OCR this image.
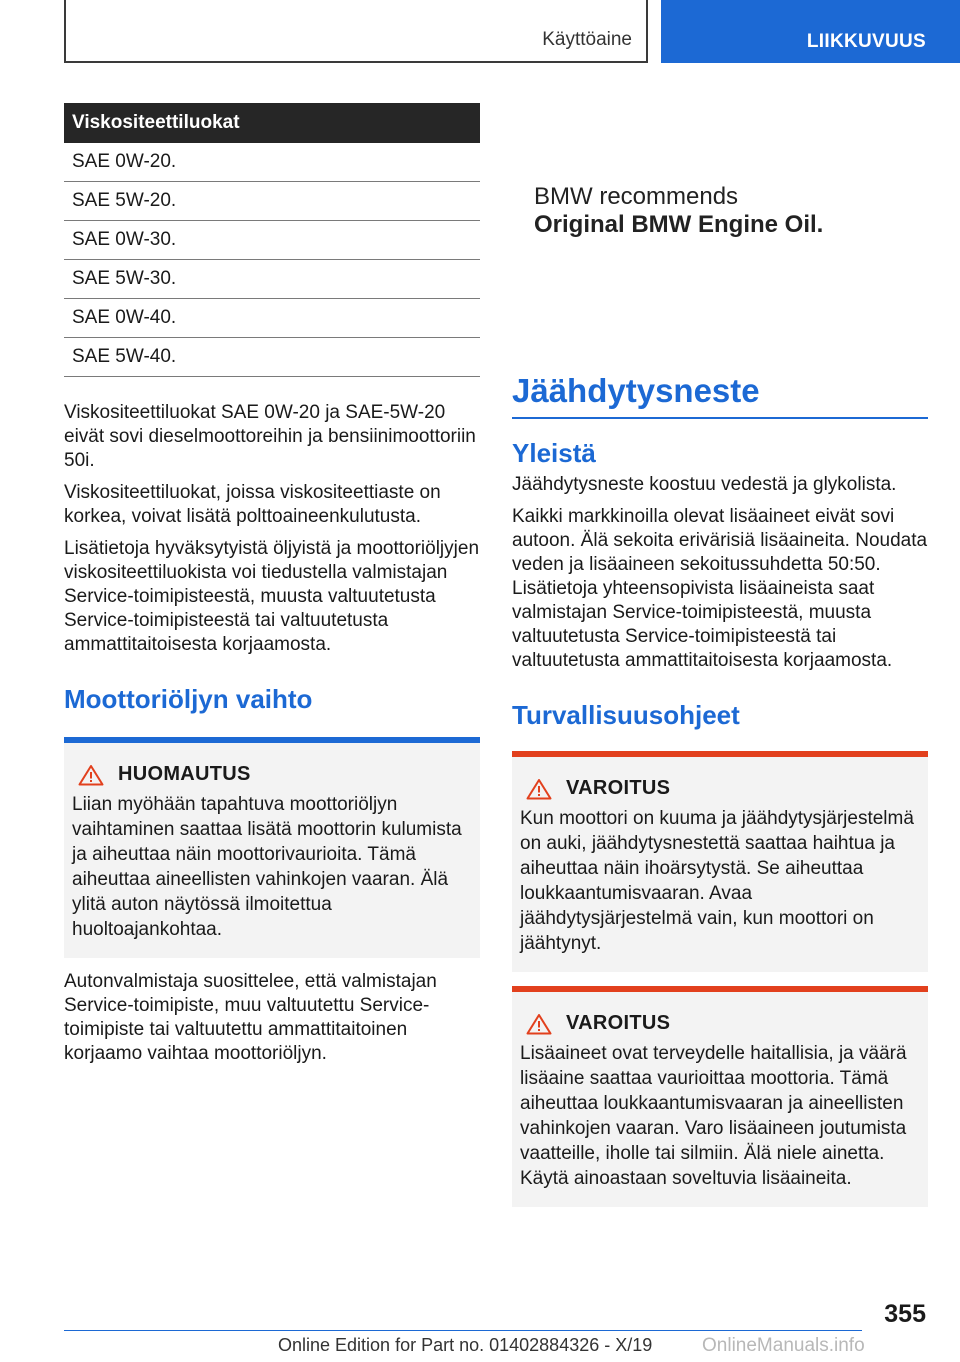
Käyttöaine	LIIKKUVUUS
Viskositeettiluokat
SAE 0W-20.
SAE 5W-20.
SAE 0W-30.
SAE 5W-30.
SAE 0W-40.
SAE 5W-40.

Viskositeettiluokat SAE 0W-20 ja SAE-5W-20 eivät sovi dieselmoottoreihin ja bensiinimoottoriin 50i.

Viskositeettiluokat, joissa viskositeettiaste on korkea, voivat lisätä polttoaineenkulutusta.

Lisätietoja hyväksytyistä öljyistä ja moottoriöljyjen viskositeettiluokista voi tiedustella valmistajan Service-toimipisteestä, muusta valtuutetusta Service-toimipisteestä tai valtuutetusta ammattitaitoisesta korjaamosta.

Moottoriöljyn vaihto
HUOMAUTUS
Liian myöhään tapahtuva moottoriöljyn vaihtaminen saattaa lisätä moottorin kulumista ja aiheuttaa näin moottorivaurioita. Tämä aiheuttaa aineellisten vahinkojen vaaran. Älä ylitä auton näytössä ilmoitettua huoltoajankohtaa.

Autonvalmistaja suosittelee, että valmistajan Service-toimipiste, muu valtuutettu Service-toimipiste tai valtuutettu ammattitaitoinen korjaamo vaihtaa moottoriöljyn.

BMW recommends
Original BMW Engine Oil.
Jäähdytysneste
Yleistä

Jäähdytysneste koostuu vedestä ja glykolista.

Kaikki markkinoilla olevat lisäaineet eivät sovi autoon. Älä sekoita erivärisiä lisäaineita. Noudata veden ja lisäaineen sekoitussuhdetta 50:50. Lisätietoja yhteensopivista lisäaineista saat valmistajan Service-toimipisteestä, muusta valtuutetusta Service-toimipisteestä tai valtuutetusta ammattitaitoisesta korjaamosta.

Turvallisuusohjeet
VAROITUS
Kun moottori on kuuma ja jäähdytysjärjestelmä on auki, jäähdytysnestettä saattaa haihtua ja aiheuttaa näin ihoärsytystä. Se aiheuttaa loukkaantumisvaaran. Avaa jäähdytysjärjestelmä vain, kun moottori on jäähtynyt.
VAROITUS
Lisäaineet ovat terveydelle haitallisia, ja väärä lisäaine saattaa vaurioittaa moottoria. Tämä aiheuttaa loukkaantumisvaaran ja aineellisten vahinkojen vaaran. Varo lisäaineen joutumista vaatteille, iholle tai silmiin. Älä niele ainetta. Käytä ainoastaan soveltuvia lisäaineita.
355
Online Edition for Part no. 01402884326 - X/19	OnlineManuals.info
